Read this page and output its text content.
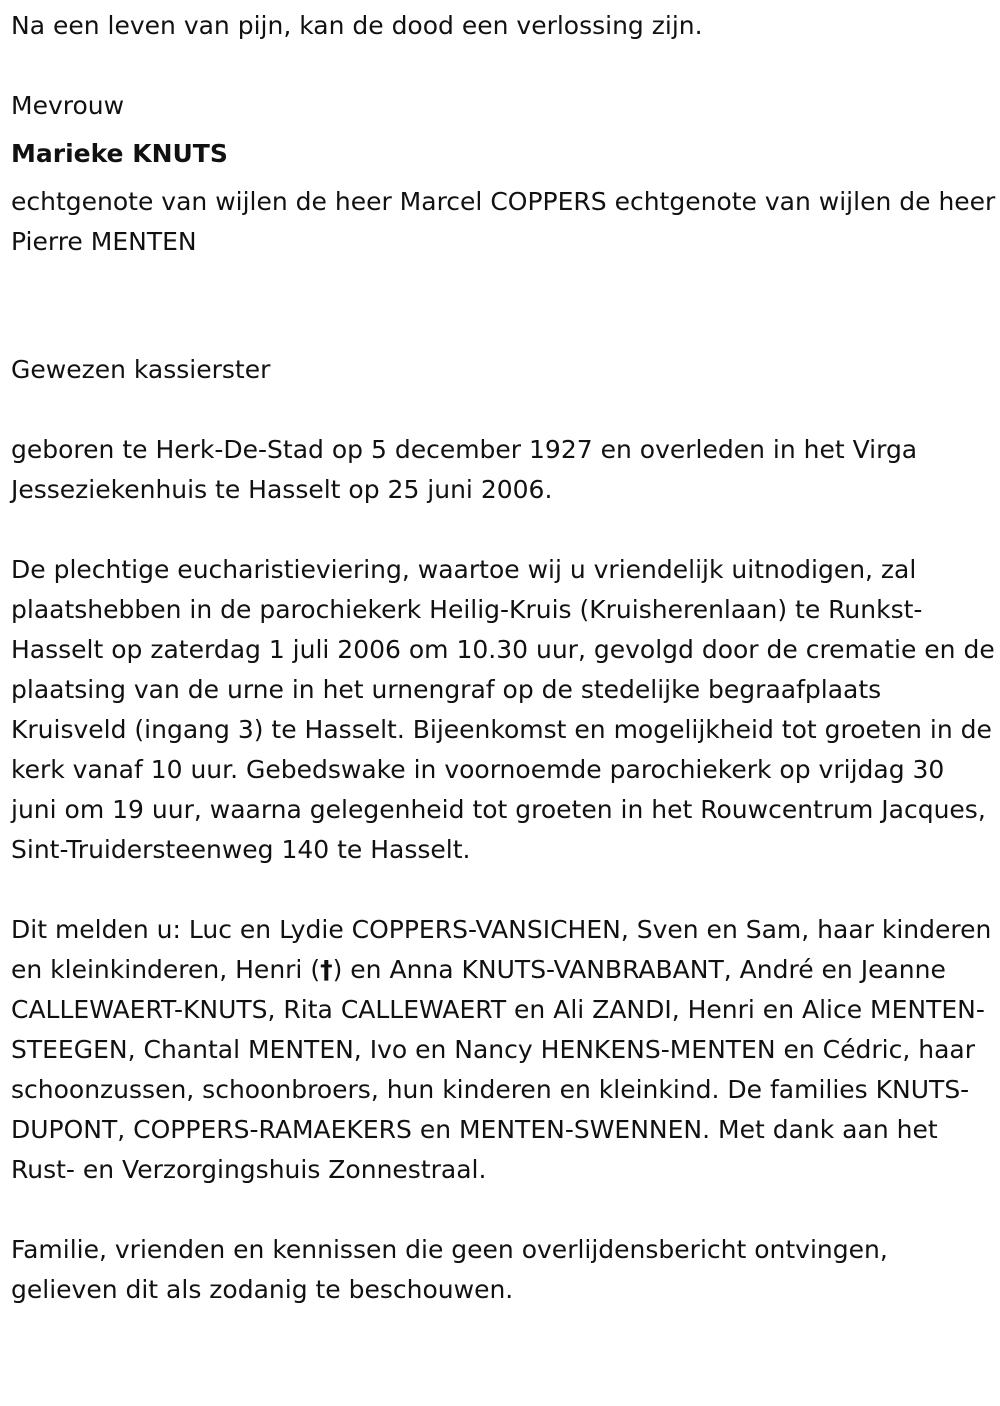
Na een leven van pijn, kan de dood een verlossing zijn.

Mevrouw

Marieke KNUTS

echtgenote van wijlen de heer Marcel COPPERS echtgenote van wijlen de heer Pierre MENTEN

Gewezen kassierster

geboren te Herk-De-Stad op 5 december 1927 en overleden in het Virga Jesseziekenhuis te Hasselt op 25 juni 2006.

De plechtige eucharistieviering, waartoe wij u vriendelijk uitnodigen, zal plaatshebben in de parochiekerk Heilig-Kruis (Kruisherenlaan) te Runkst-Hasselt op zaterdag 1 juli 2006 om 10.30 uur, gevolgd door de crematie en de plaatsing van de urne in het urnengraf op de stedelijke begraafplaats Kruisveld (ingang 3) te Hasselt. Bijeenkomst en mogelijkheid tot groeten in de kerk vanaf 10 uur. Gebedswake in voornoemde parochiekerk op vrijdag 30 juni om 19 uur, waarna gelegenheid tot groeten in het Rouwcentrum Jacques, Sint-Truidersteenweg 140 te Hasselt.

Dit melden u: Luc en Lydie COPPERS-VANSICHEN, Sven en Sam, haar kinderen en kleinkinderen, Henri (†) en Anna KNUTS-VANBRABANT, André en Jeanne CALLEWAERT-KNUTS, Rita CALLEWAERT en Ali ZANDI, Henri en Alice MENTEN-STEEGEN, Chantal MENTEN, Ivo en Nancy HENKENS-MENTEN en Cédric, haar schoonzussen, schoonbroers, hun kinderen en kleinkind. De families KNUTS-DUPONT, COPPERS-RAMAEKERS en MENTEN-SWENNEN. Met dank aan het Rust- en Verzorgingshuis Zonnestraal.

Familie, vrienden en kennissen die geen overlijdensbericht ontvingen, gelieven dit als zodanig te beschouwen.
